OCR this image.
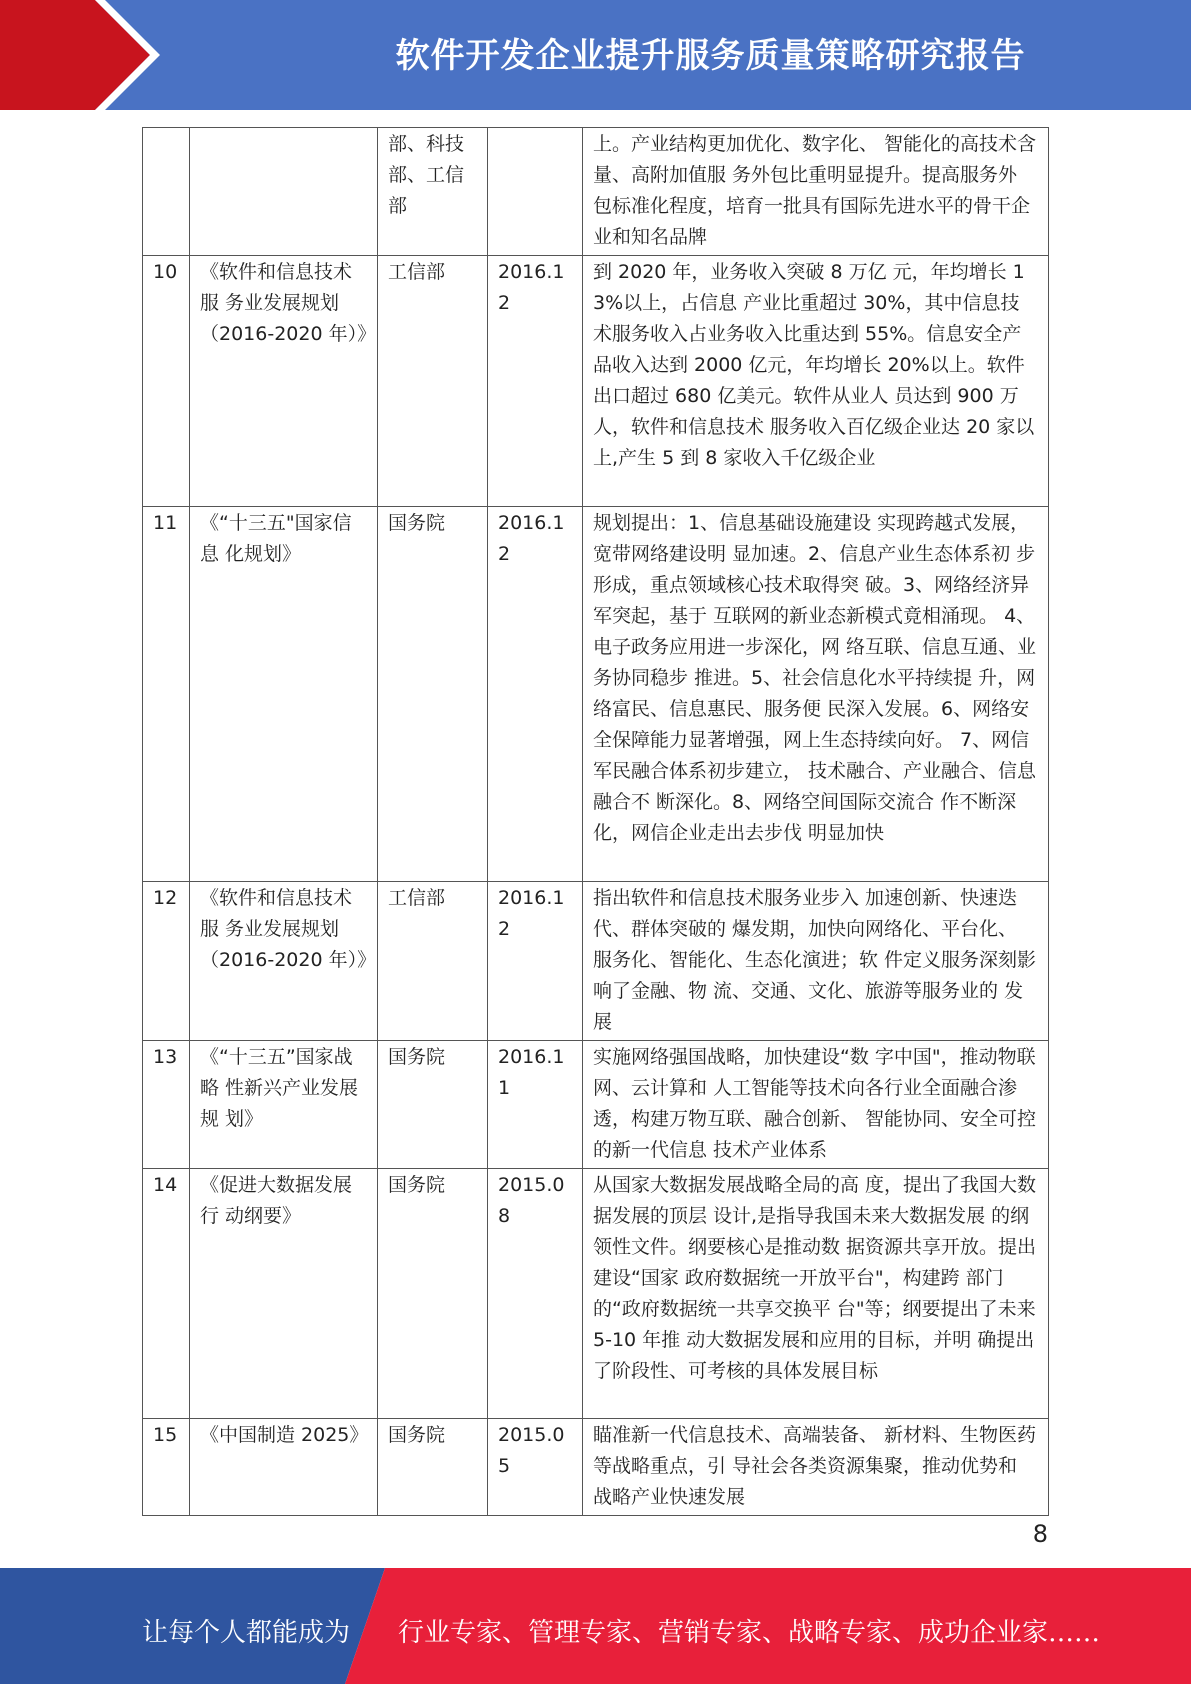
软件开发企业提升服务质量策略研究报告
		部、科技部、工信部		上。产业结构更加优化、数字化、 智能化的高技术含量、高附加值服 务外包比重明显提升。提高服务外 包标准化程度，培育一批具有国际先进水平的骨干企业和知名品牌
10	《软件和信息技术服 务业发展规划（2016-2020 年）》	工信部	2016.12	到 2020 年，业务收入突破 8 万亿 元，年均增长 13%以上，占信息 产业比重超过 30%，其中信息技 术服务收入占业务收入比重达到 55%。信息安全产品收入达到 2000 亿元，年均增长 20%以上。软件 出口超过 680 亿美元。软件从业人 员达到 900 万人，软件和信息技术 服务收入百亿级企业达 20 家以 上,产生 5 到 8 家收入千亿级企业
11	《“十三五"国家信息 化规划》	国务院	2016.12	规划提出：1、信息基础设施建设 实现跨越式发展，宽带网络建设明 显加速。2、信息产业生态体系初 步形成，重点领域核心技术取得突 破。3、网络经济异军突起，基于 互联网的新业态新模式竟相涌现。 4、电子政务应用进一步深化，网 络互联、信息互通、业务协同稳步 推进。5、社会信息化水平持续提 升，网络富民、信息惠民、服务便 民深入发展。6、网络安全保障能力显著增强，网上生态持续向好。 7、网信军民融合体系初步建立， 技术融合、产业融合、信息融合不 断深化。8、网络空间国际交流合 作不断深化，网信企业走出去步伐 明显加快
12	《软件和信息技术服 务业发展规划（2016-2020 年）》	工信部	2016.12	指出软件和信息技术服务业步入 加速创新、快速迭代、群体突破的 爆发期，加快向网络化、平台化、 服务化、智能化、生态化演进；软 件定义服务深刻影响了金融、物 流、交通、文化、旅游等服务业的 发展
13	《“十三五”国家战略 性新兴产业发展规 划》	国务院	2016.11	实施网络强国战略，加快建设“数 字中国"，推动物联网、云计算和 人工智能等技术向各行业全面融合渗透，构建万物互联、融合创新、 智能协同、安全可控的新一代信息 技术产业体系
14	《促进大数据发展行 动纲要》	国务院	2015.08	从国家大数据发展战略全局的高 度，提出了我国大数据发展的顶层 设计,是指导我国未来大数据发展 的纲领性文件。纲要核心是推动数 据资源共享开放。提出建设“国家 政府数据统一开放平台"，构建跨 部门的“政府数据统一共享交换平 台"等；纲要提出了未来 5-10 年推 动大数据发展和应用的目标，并明 确提出了阶段性、可考核的具体发展目标
15	《中国制造 2025》	国务院	2015.05	瞄准新一代信息技术、高端装备、 新材料、生物医药等战略重点，引 导社会各类资源集聚，推动优势和 战略产业快速发展
8
让每个人都能成为 行业专家、管理专家、营销专家、战略专家、成功企业家……
